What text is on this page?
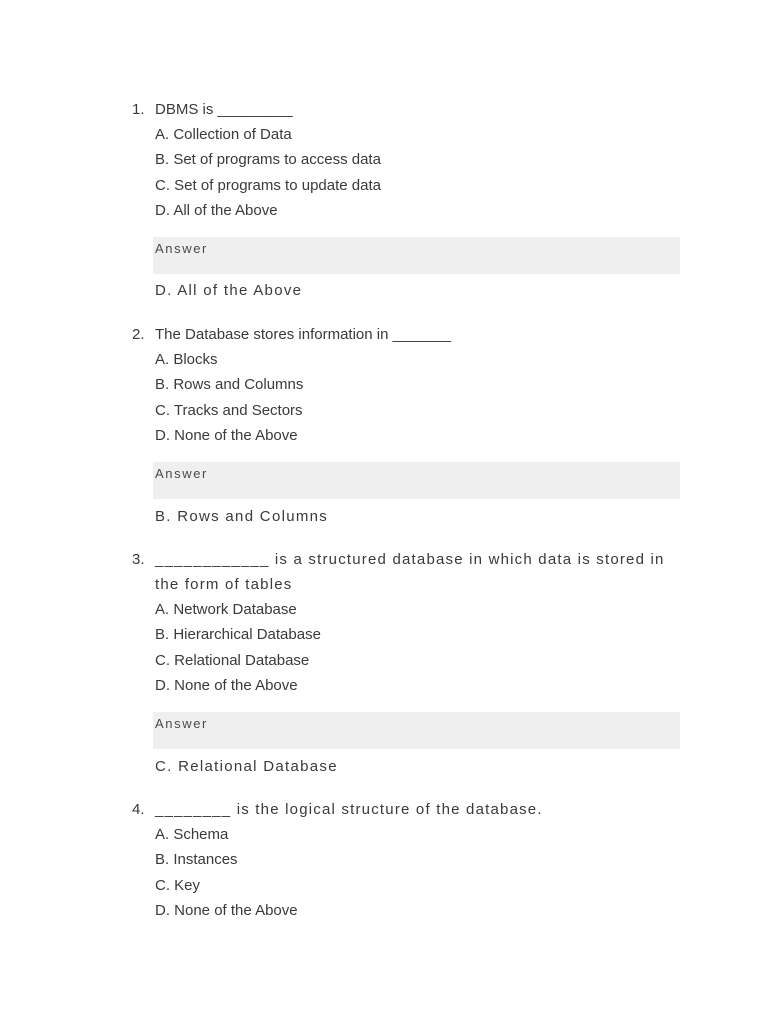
1. DBMS is _________
A. Collection of Data
B. Set of programs to access data
C. Set of programs to update data
D. All of the Above
Answer
D. All of the Above
2. The Database stores information in _______
A. Blocks
B. Rows and Columns
C. Tracks and Sectors
D. None of the Above
Answer
B. Rows and Columns
3. ____________ is a structured database in which data is stored in the form of tables
A. Network Database
B. Hierarchical Database
C. Relational Database
D. None of the Above
Answer
C. Relational Database
4. ________ is the logical structure of the database.
A. Schema
B. Instances
C. Key
D. None of the Above
